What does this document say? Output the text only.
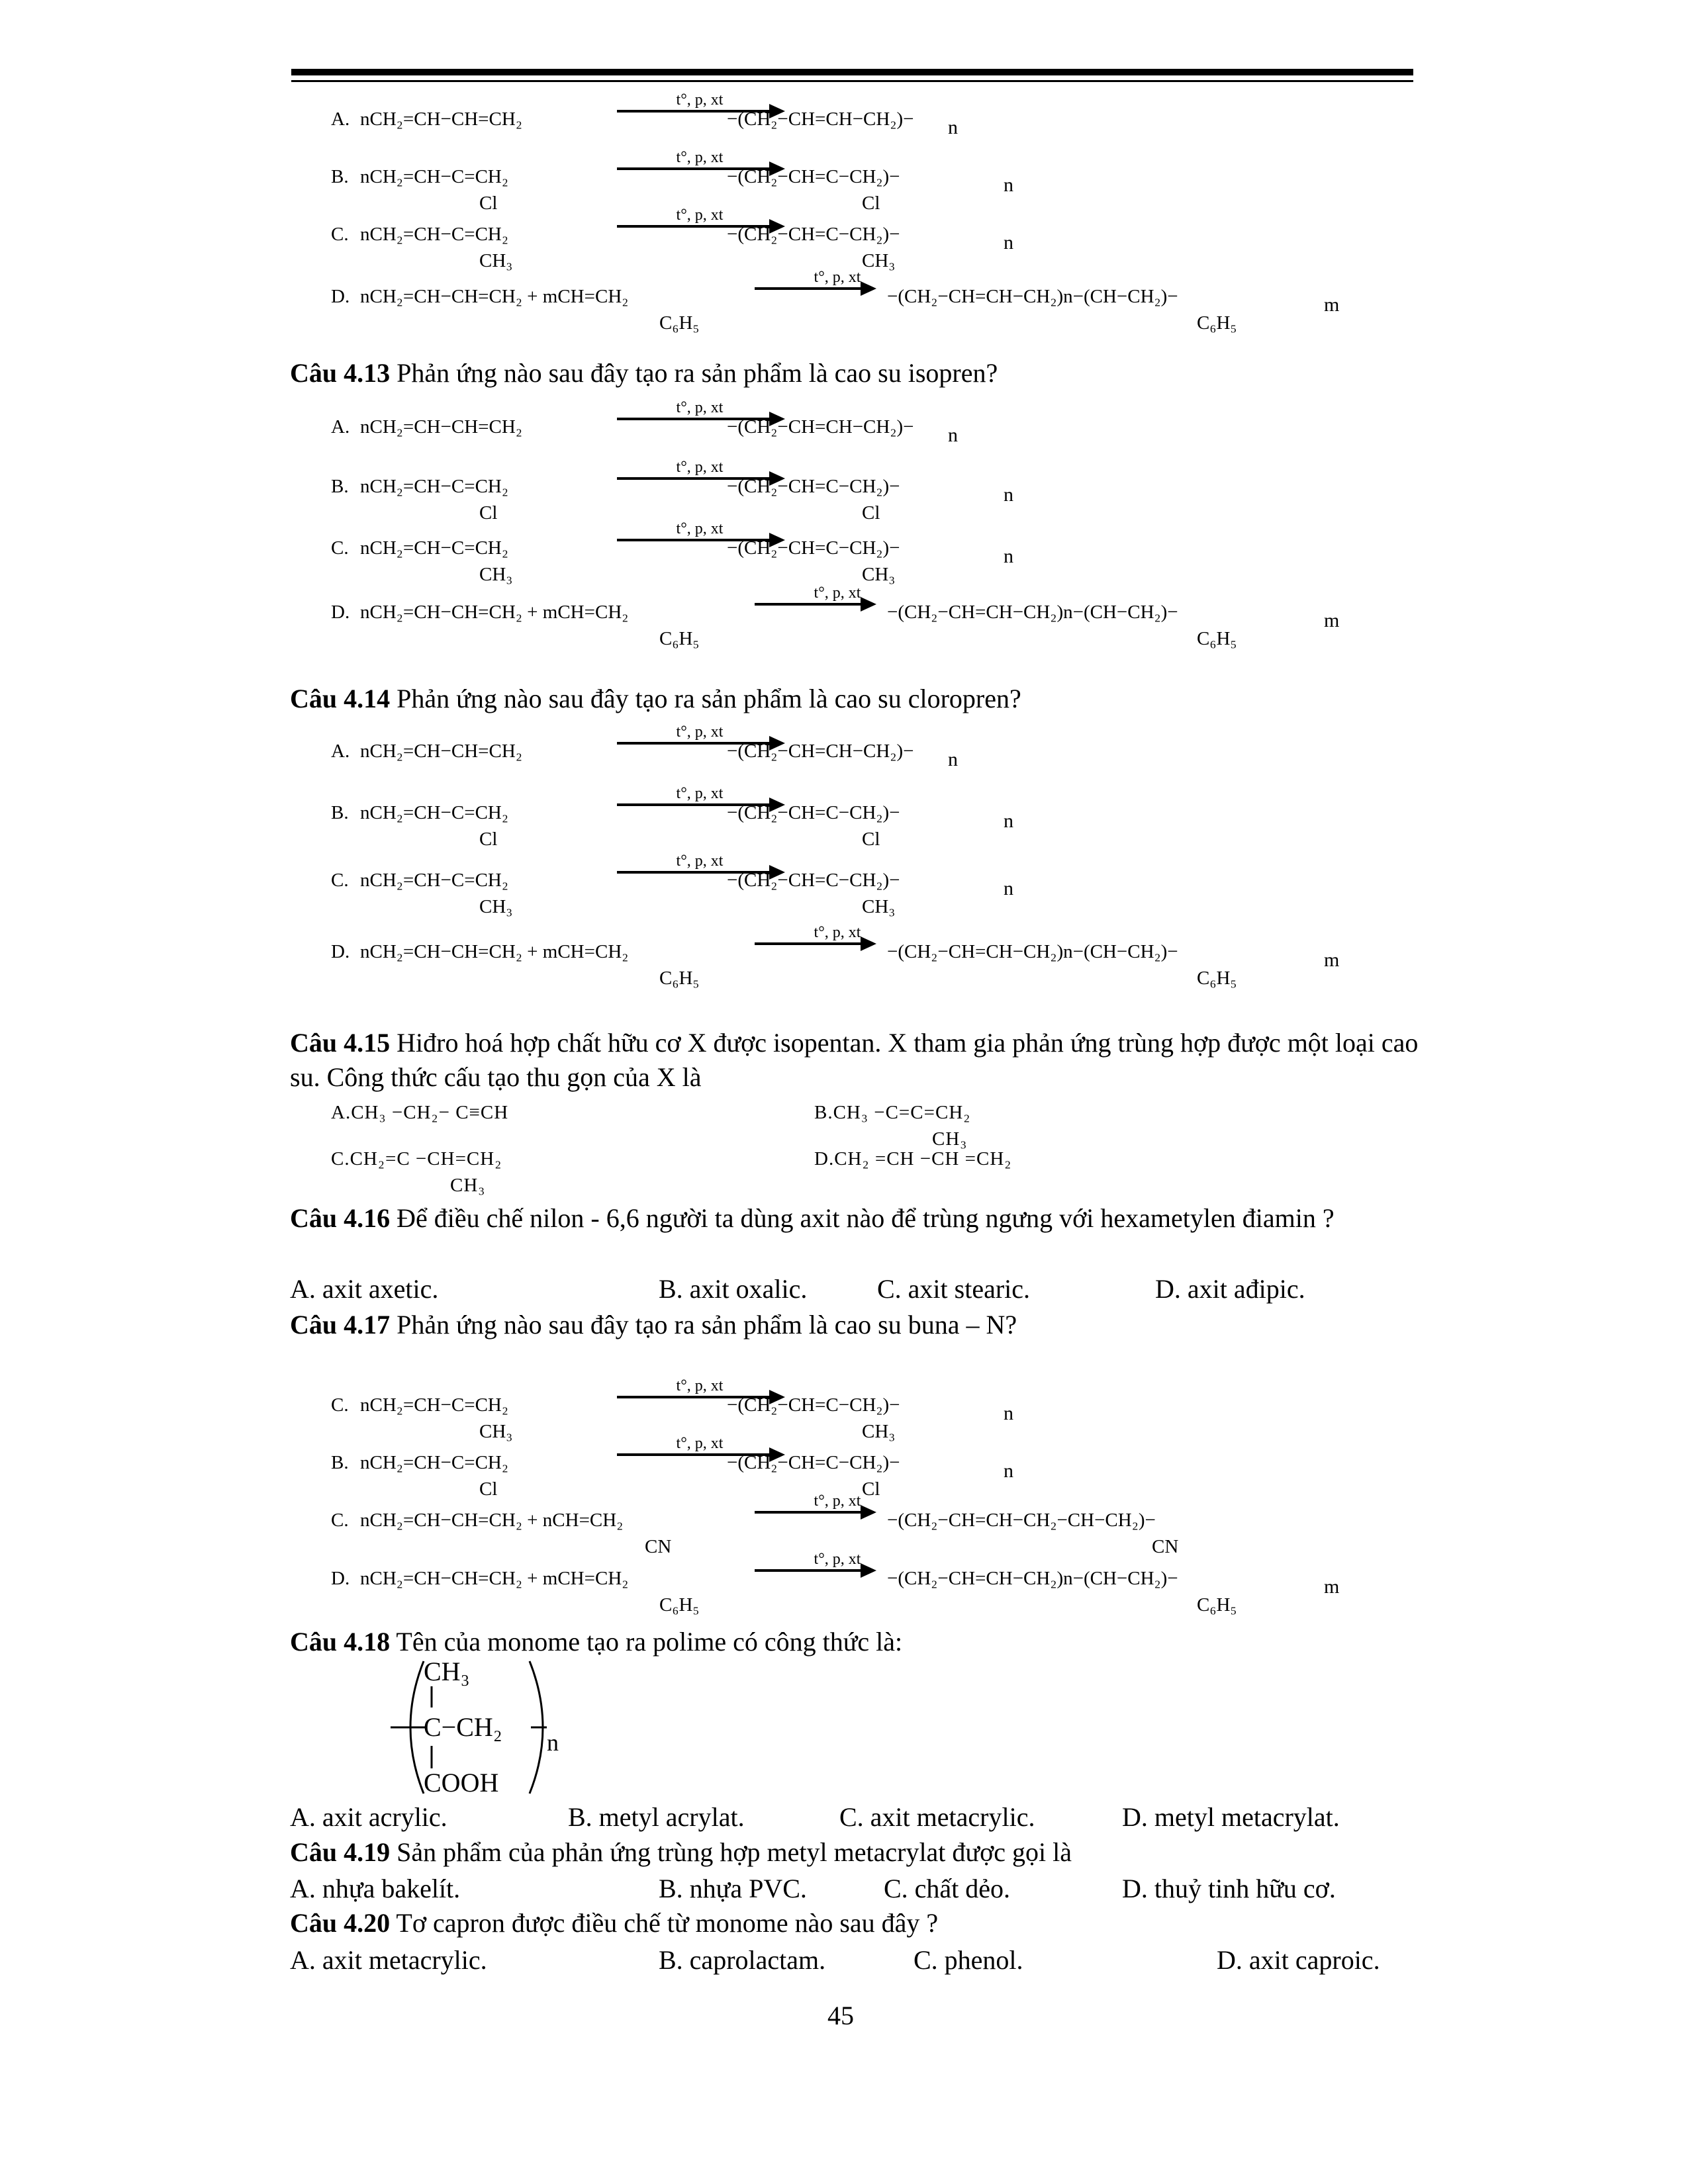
A. nCH₂=CH−CH=CH₂
t°, p, xt
−(CH₂−CH=CH−CH₂)− n
B. nCH₂=CH−C=CH₂
Cl
t°, p, xt
−(CH₂−CH=C−CH₂)−
Cl
n
C. nCH₂=CH−C=CH₂
CH₃
t°, p, xt
−(CH₂−CH=C−CH₂)−
CH₃
n
D. nCH₂=CH−CH=CH₂ + mCH=CH₂
C₆H₅
t°, p, xt
−(CH₂−CH=CH−CH₂)n−(CH−CH₂)−
C₆H₅
m
Câu 4.13 Phản ứng nào sau đây tạo ra sản phẩm là cao su isopren?
A. nCH₂=CH−CH=CH₂
t°, p, xt
−(CH₂−CH=CH−CH₂)− n
B. nCH₂=CH−C=CH₂
Cl
t°, p, xt
−(CH₂−CH=C−CH₂)−
Cl
n
C. nCH₂=CH−C=CH₂
CH₃
t°, p, xt
−(CH₂−CH=C−CH₂)−
CH₃
n
D. nCH₂=CH−CH=CH₂ + mCH=CH₂
C₆H₅
t°, p, xt
−(CH₂−CH=CH−CH₂)n−(CH−CH₂)−
C₆H₅
m
Câu 4.14 Phản ứng nào sau đây tạo ra sản phẩm là cao su cloropren?
A. nCH₂=CH−CH=CH₂
t°, p, xt
−(CH₂−CH=CH−CH₂)− n
B. nCH₂=CH−C=CH₂
Cl
t°, p, xt
−(CH₂−CH=C−CH₂)−
Cl
n
C. nCH₂=CH−C=CH₂
CH₃
t°, p, xt
−(CH₂−CH=C−CH₂)−
CH₃
n
D. nCH₂=CH−CH=CH₂ + mCH=CH₂
C₆H₅
t°, p, xt
−(CH₂−CH=CH−CH₂)n−(CH−CH₂)−
C₆H₅
m
Câu 4.15 Hiđro hoá hợp chất hữu cơ X được isopentan. X tham gia phản ứng trùng hợp được một loại cao su. Công thức cấu tạo thu gọn của X là
A.CH₃ −CH₂− C≡CH	B.CH₃ −C=C=CH₂
CH₃
C.CH₂=C −CH=CH₂
CH₃
D.CH₂ =CH −CH =CH₂
Câu 4.16 Để điều chế nilon - 6,6 người ta dùng axit nào để trùng ngưng với hexametylen điamin ?
A. axit axetic.	B. axit oxalic.	C. axit stearic.	D. axit ađipic.
Câu 4.17 Phản ứng nào sau đây tạo ra sản phẩm là cao su buna – N?
C. nCH₂=CH−C=CH₂
CH₃
t°, p, xt
−(CH₂−CH=C−CH₂)−
CH₃
n
B. nCH₂=CH−C=CH₂
Cl
t°, p, xt
−(CH₂−CH=C−CH₂)−
Cl
n
C. nCH₂=CH−CH=CH₂ + nCH=CH₂
CN
t°, p, xt
−(CH₂−CH=CH−CH₂−CH−CH₂)−
CN
D. nCH₂=CH−CH=CH₂ + mCH=CH₂
C₆H₅
t°, p, xt
−(CH₂−CH=CH−CH₂)n−(CH−CH₂)−
C₆H₅
m
Câu 4.18 Tên của monome tạo ra polime có công thức là:
CH₃
C−CH₂
n
COOH
A. axit acrylic.	B. metyl acrylat.	C. axit metacrylic.	D. metyl metacrylat.
Câu 4.19 Sản phẩm của phản ứng trùng hợp metyl metacrylat được gọi là
A. nhựa bakelít.	B. nhựa PVC.	C. chất dẻo.	D. thuỷ tinh hữu cơ.
Câu 4.20 Tơ capron được điều chế từ monome nào sau đây ?
A. axit metacrylic.	B. caprolactam.	C. phenol.	D. axit caproic.
45
